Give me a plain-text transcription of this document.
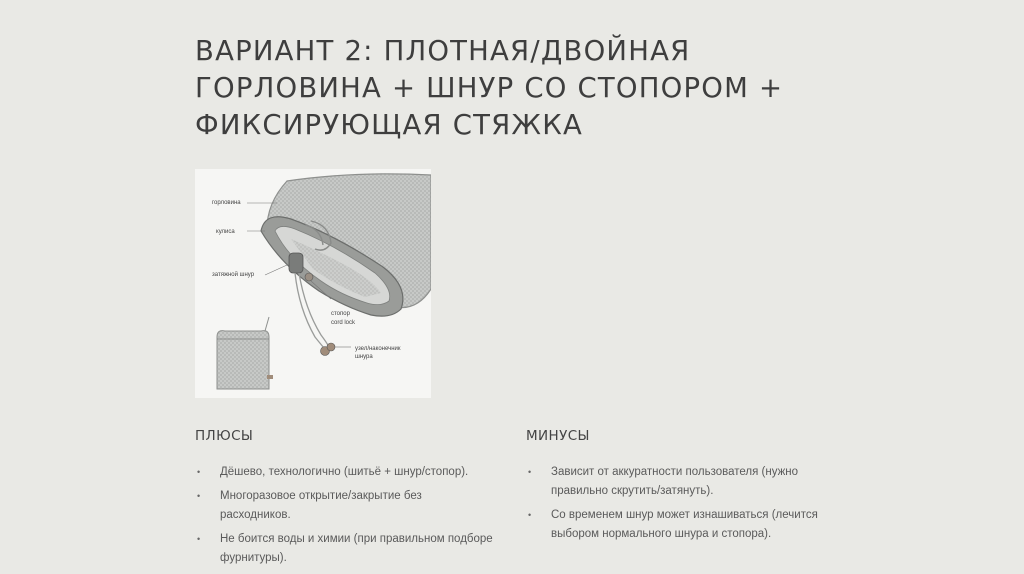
ВАРИАНТ 2: ПЛОТНАЯ/ДВОЙНАЯ
ГОРЛОВИНА + ШНУР СО СТОПОРОМ +
ФИКСИРУЮЩАЯ СТЯЖКА
горловина
кулиса
затяжной шнур
стопор
cord lock
узел/наконечник
шнура
ПЛЮСЫ
• Дёшево, технологично (шитьё + шнур/стопор).
• Многоразовое открытие/закрытие без расходников.
• Не боится воды и химии (при правильном подборе фурнитуры).
МИНУСЫ
• Зависит от аккуратности пользователя (нужно правильно скрутить/затянуть).
• Со временем шнур может изнашиваться (лечится выбором нормального шнура и стопора).
